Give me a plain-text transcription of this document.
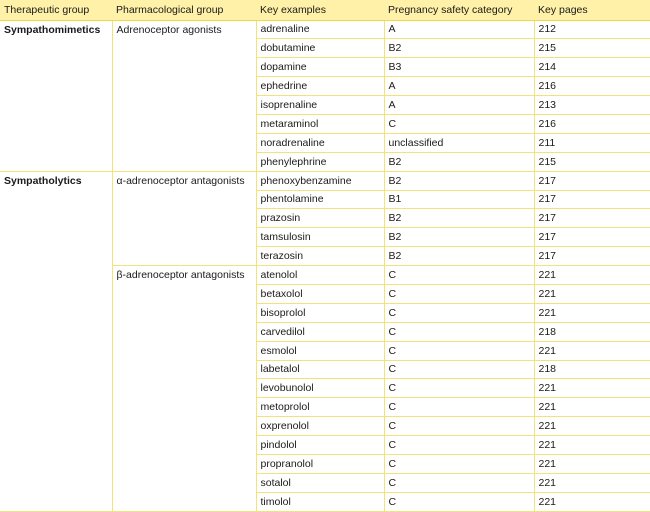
Therapeutic group	Pharmacological group	Key examples	Pregnancy safety category	Key pages
Sympathomimetics	Adrenoceptor agonists	adrenaline	A	212
		dobutamine	B2	215
		dopamine	B3	214
		ephedrine	A	216
		isoprenaline	A	213
		metaraminol	C	216
		noradrenaline	unclassified	211
		phenylephrine	B2	215
Sympatholytics	α-adrenoceptor antagonists	phenoxybenzamine	B2	217
		phentolamine	B1	217
		prazosin	B2	217
		tamsulosin	B2	217
		terazosin	B2	217
	β-adrenoceptor antagonists	atenolol	C	221
		betaxolol	C	221
		bisoprolol	C	221
		carvedilol	C	218
		esmolol	C	221
		labetalol	C	218
		levobunolol	C	221
		metoprolol	C	221
		oxprenolol	C	221
		pindolol	C	221
		propranolol	C	221
		sotalol	C	221
		timolol	C	221
